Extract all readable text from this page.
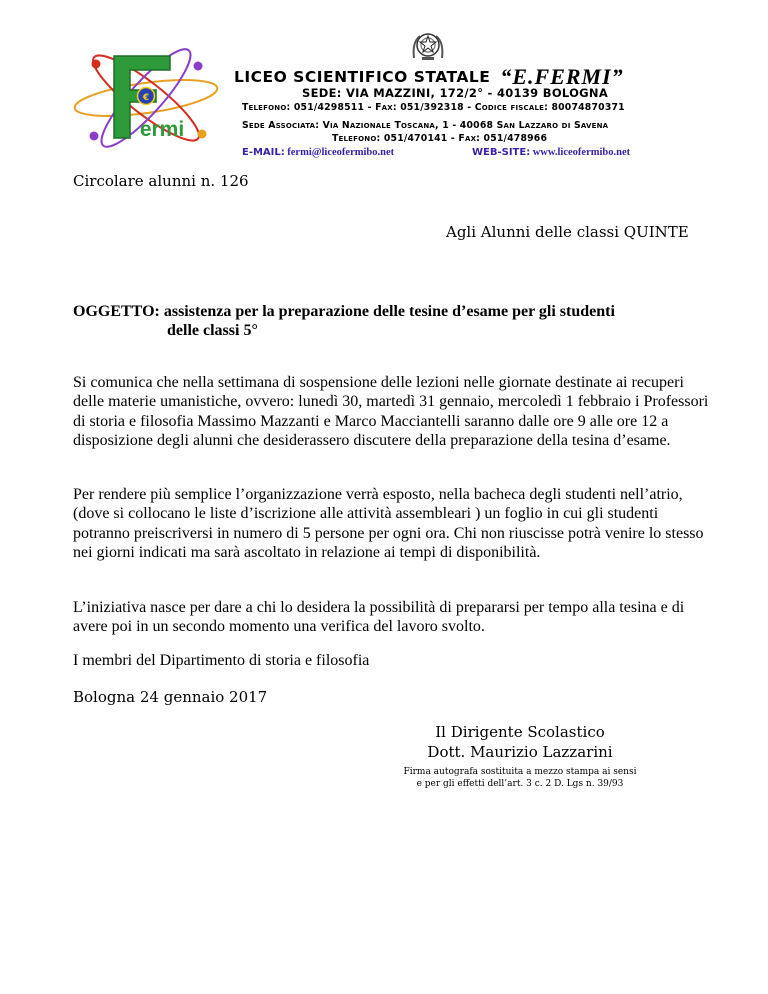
€
ermi
LICEO SCIENTIFICO STATALE “E.FERMI”
SEDE: VIA MAZZINI, 172/2° - 40139 BOLOGNA
Telefono: 051/4298511 - Fax: 051/392318 - Codice fiscale: 80074870371
Sede Associata: Via Nazionale Toscana, 1 - 40068 San Lazzaro di Savena
Telefono: 051/470141 - Fax: 051/478966
E-MAIL: fermi@liceofermibo.net	WEB-SITE: www.liceofermibo.net
Circolare alunni n. 126
Agli Alunni delle classi QUINTE
OGGETTO: assistenza per la preparazione delle tesine d’esame per gli studenti
delle classi 5°

Si comunica che nella settimana di sospensione delle lezioni nelle giornate destinate ai recuperi delle materie umanistiche, ovvero: lunedì 30, martedì 31 gennaio, mercoledì 1 febbraio i Professori di storia e filosofia Massimo Mazzanti e Marco Macciantelli saranno dalle ore 9 alle ore 12 a disposizione degli alunni che desiderassero discutere della preparazione della tesina d’esame.

Per rendere più semplice l’organizzazione verrà esposto, nella bacheca degli studenti nell’atrio, (dove si collocano le liste d’iscrizione alle attività assembleari ) un foglio in cui gli studenti potranno preiscriversi in numero di 5 persone per ogni ora. Chi non riuscisse potrà venire lo stesso nei giorni indicati ma sarà ascoltato in relazione ai tempi di disponibilità.

L’iniziativa nasce per dare a chi lo desidera la possibilità di prepararsi per tempo alla tesina e di avere poi in un secondo momento una verifica del lavoro svolto.

I membri del Dipartimento di storia e filosofia

Bologna 24 gennaio 2017
Il Dirigente Scolastico
Dott. Maurizio Lazzarini
Firma autografa sostituita a mezzo stampa ai sensi
e per gli effetti dell’art. 3 c. 2 D. Lgs n. 39/93
